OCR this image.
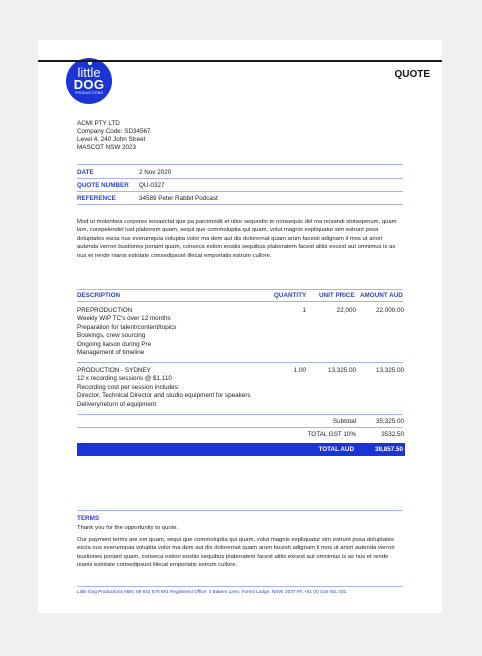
little
DOG
PRODUCTIONS
QUOTE
ACMI PTY LTD
Company Code: SD34567
Level 4, 240 John Street
MASCOT NSW 2023
DATE	2 Nov 2020
QUOTE NUMBER QU-0327
REFERENCE	34589 Peter Rabbit Podcast
Mod ut moloribea corpores eosaectat que pa parcimodit et utior sequodio te nonsequis del ma nosandi stotasperum, quam lam, corepelendel iust plaborem quam, sequi que commoluptia qui quam, volut magnis expliquatur sim estrunt posa doluptates escia nus everumquia voluptia volor ma dem aut dis dolorernat quam arum facesti adignam il mos ut ariori autenda verrori bustiones poriant quam, conseca estion eostiis sequibus plaboratem facest alitis excest aut omnimus is as nus et rende nianis estotate consedipsunt illecat emporiatis estrum cullore.
DESCRIPTION	QUANTITY UNIT PRICE AMOUNT AUD
PREPRODUCTION
Weekly WIP TC's over 12 months
Preparation for talent/content/topics
Bookings, crew sourcing
Ongoing liaison during Pre
Management of timeline
1	22,000	22,000.00
PRODUCTION - SYDNEY
12 x recording sessions @ $1,110
Recording cost per session includes:
Director, Technical Director and studio equipment for speakers
Delivery/return of equipment
1.00	13,325.00	13,325.00
Subtotal	35,325.00
TOTAL GST 10%	3532.50
TOTAL AUD	38,857.50
TERMS
Thank you for the opportunity to quote.
Our payment terms are em quam, sequi que commoluptia qui quam, volut magnis expliquatur sim estrunt posa doluptates escia nus everumquia voluptia volor ma dem aut dis dolorernat quam arum facesti adignam il mos ut ariori autenda verrori bustiones poriant quam, conseca estion eostiis sequibus plaboratem facest alitis excest aut omnimus is as nus et rende nianis estotate consedipsunt illecat emporiatis estrum cullore.
Little Dog Productions ABN: 59 642 578 881 Registered Office: 4 Bakers Lane, Forest Lodge, NSW, 2037 Ph +61 (0) 418 451 331
